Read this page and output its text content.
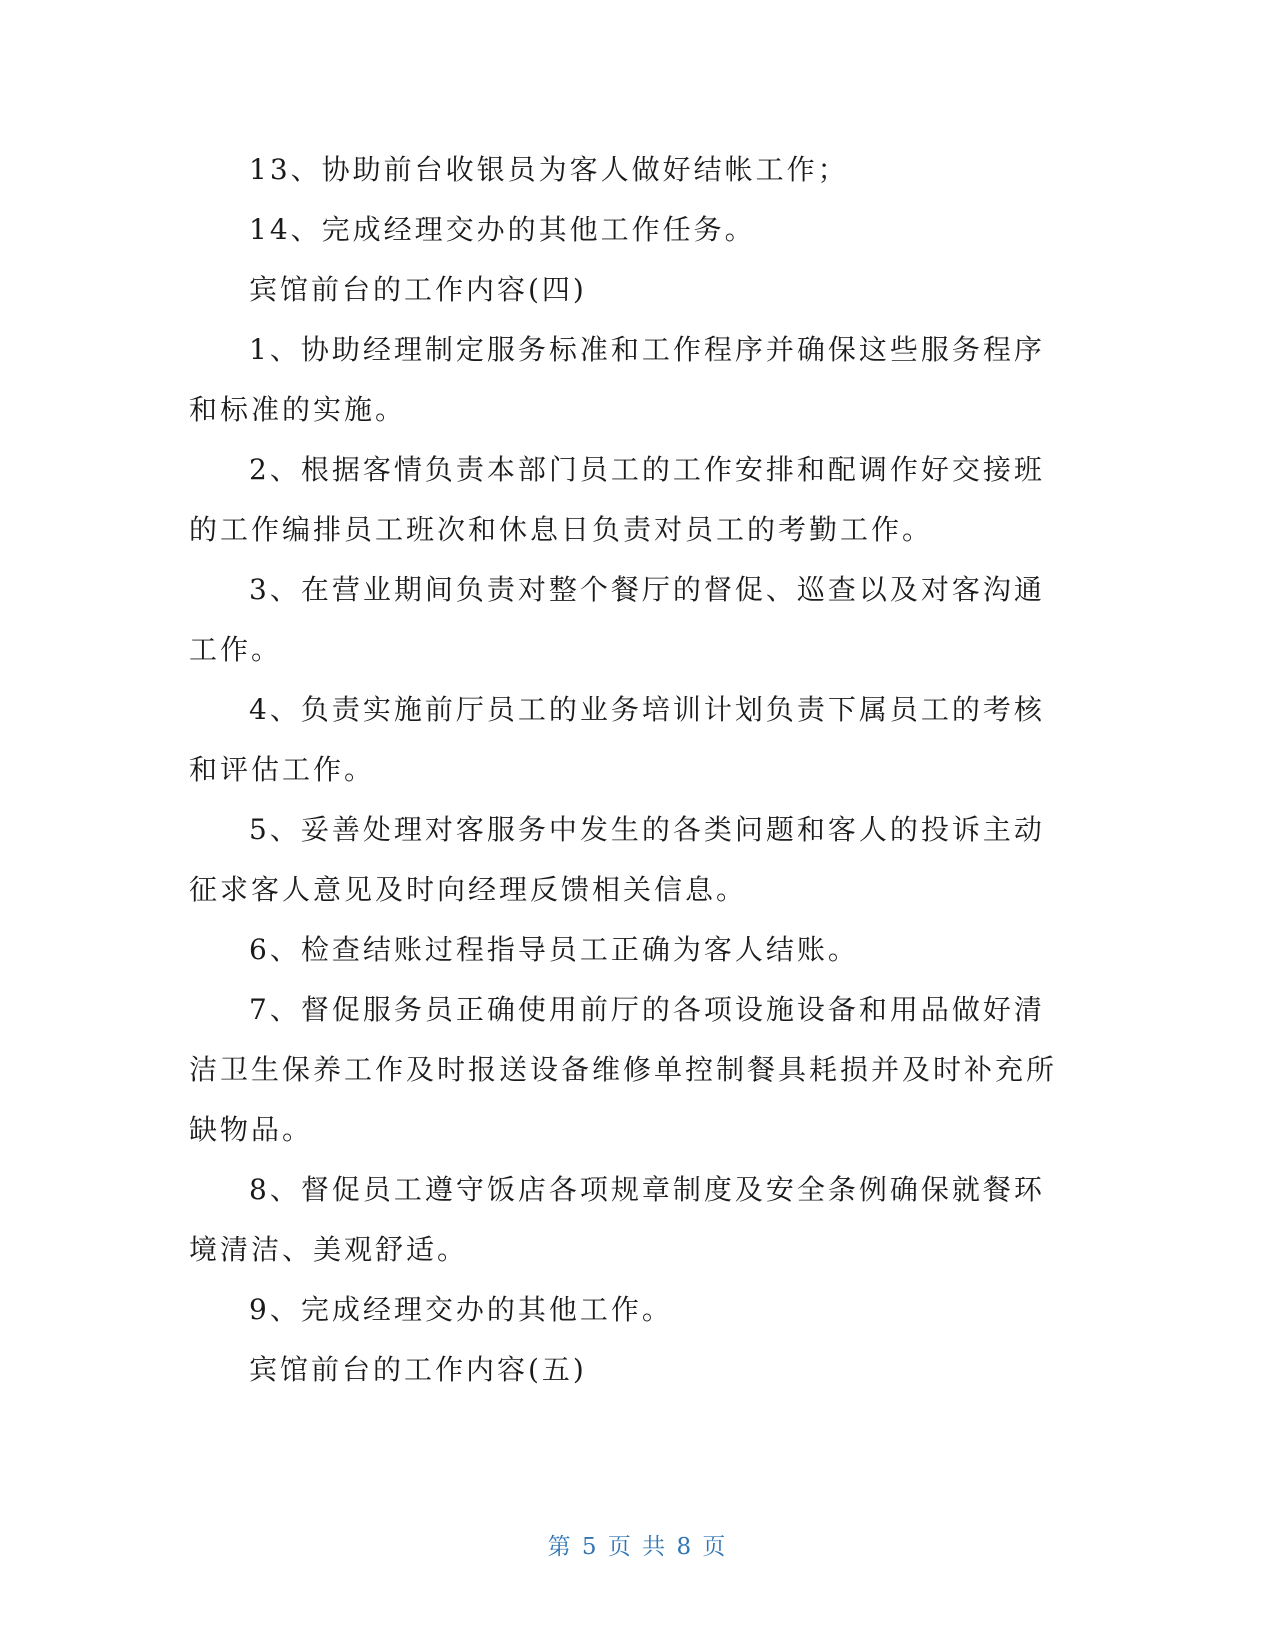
13、协助前台收银员为客人做好结帐工作；

14、完成经理交办的其他工作任务。

宾馆前台的工作内容(四)

1、协助经理制定服务标准和工作程序并确保这些服务程序和标准的实施。

2、根据客情负责本部门员工的工作安排和配调作好交接班的工作编排员工班次和休息日负责对员工的考勤工作。

3、在营业期间负责对整个餐厅的督促、巡查以及对客沟通工作。

4、负责实施前厅员工的业务培训计划负责下属员工的考核和评估工作。

5、妥善处理对客服务中发生的各类问题和客人的投诉主动征求客人意见及时向经理反馈相关信息。

6、检查结账过程指导员工正确为客人结账。

7、督促服务员正确使用前厅的各项设施设备和用品做好清洁卫生保养工作及时报送设备维修单控制餐具耗损并及时补充所缺物品。

8、督促员工遵守饭店各项规章制度及安全条例确保就餐环境清洁、美观舒适。

9、完成经理交办的其他工作。

宾馆前台的工作内容(五)

第 5 页 共 8 页
